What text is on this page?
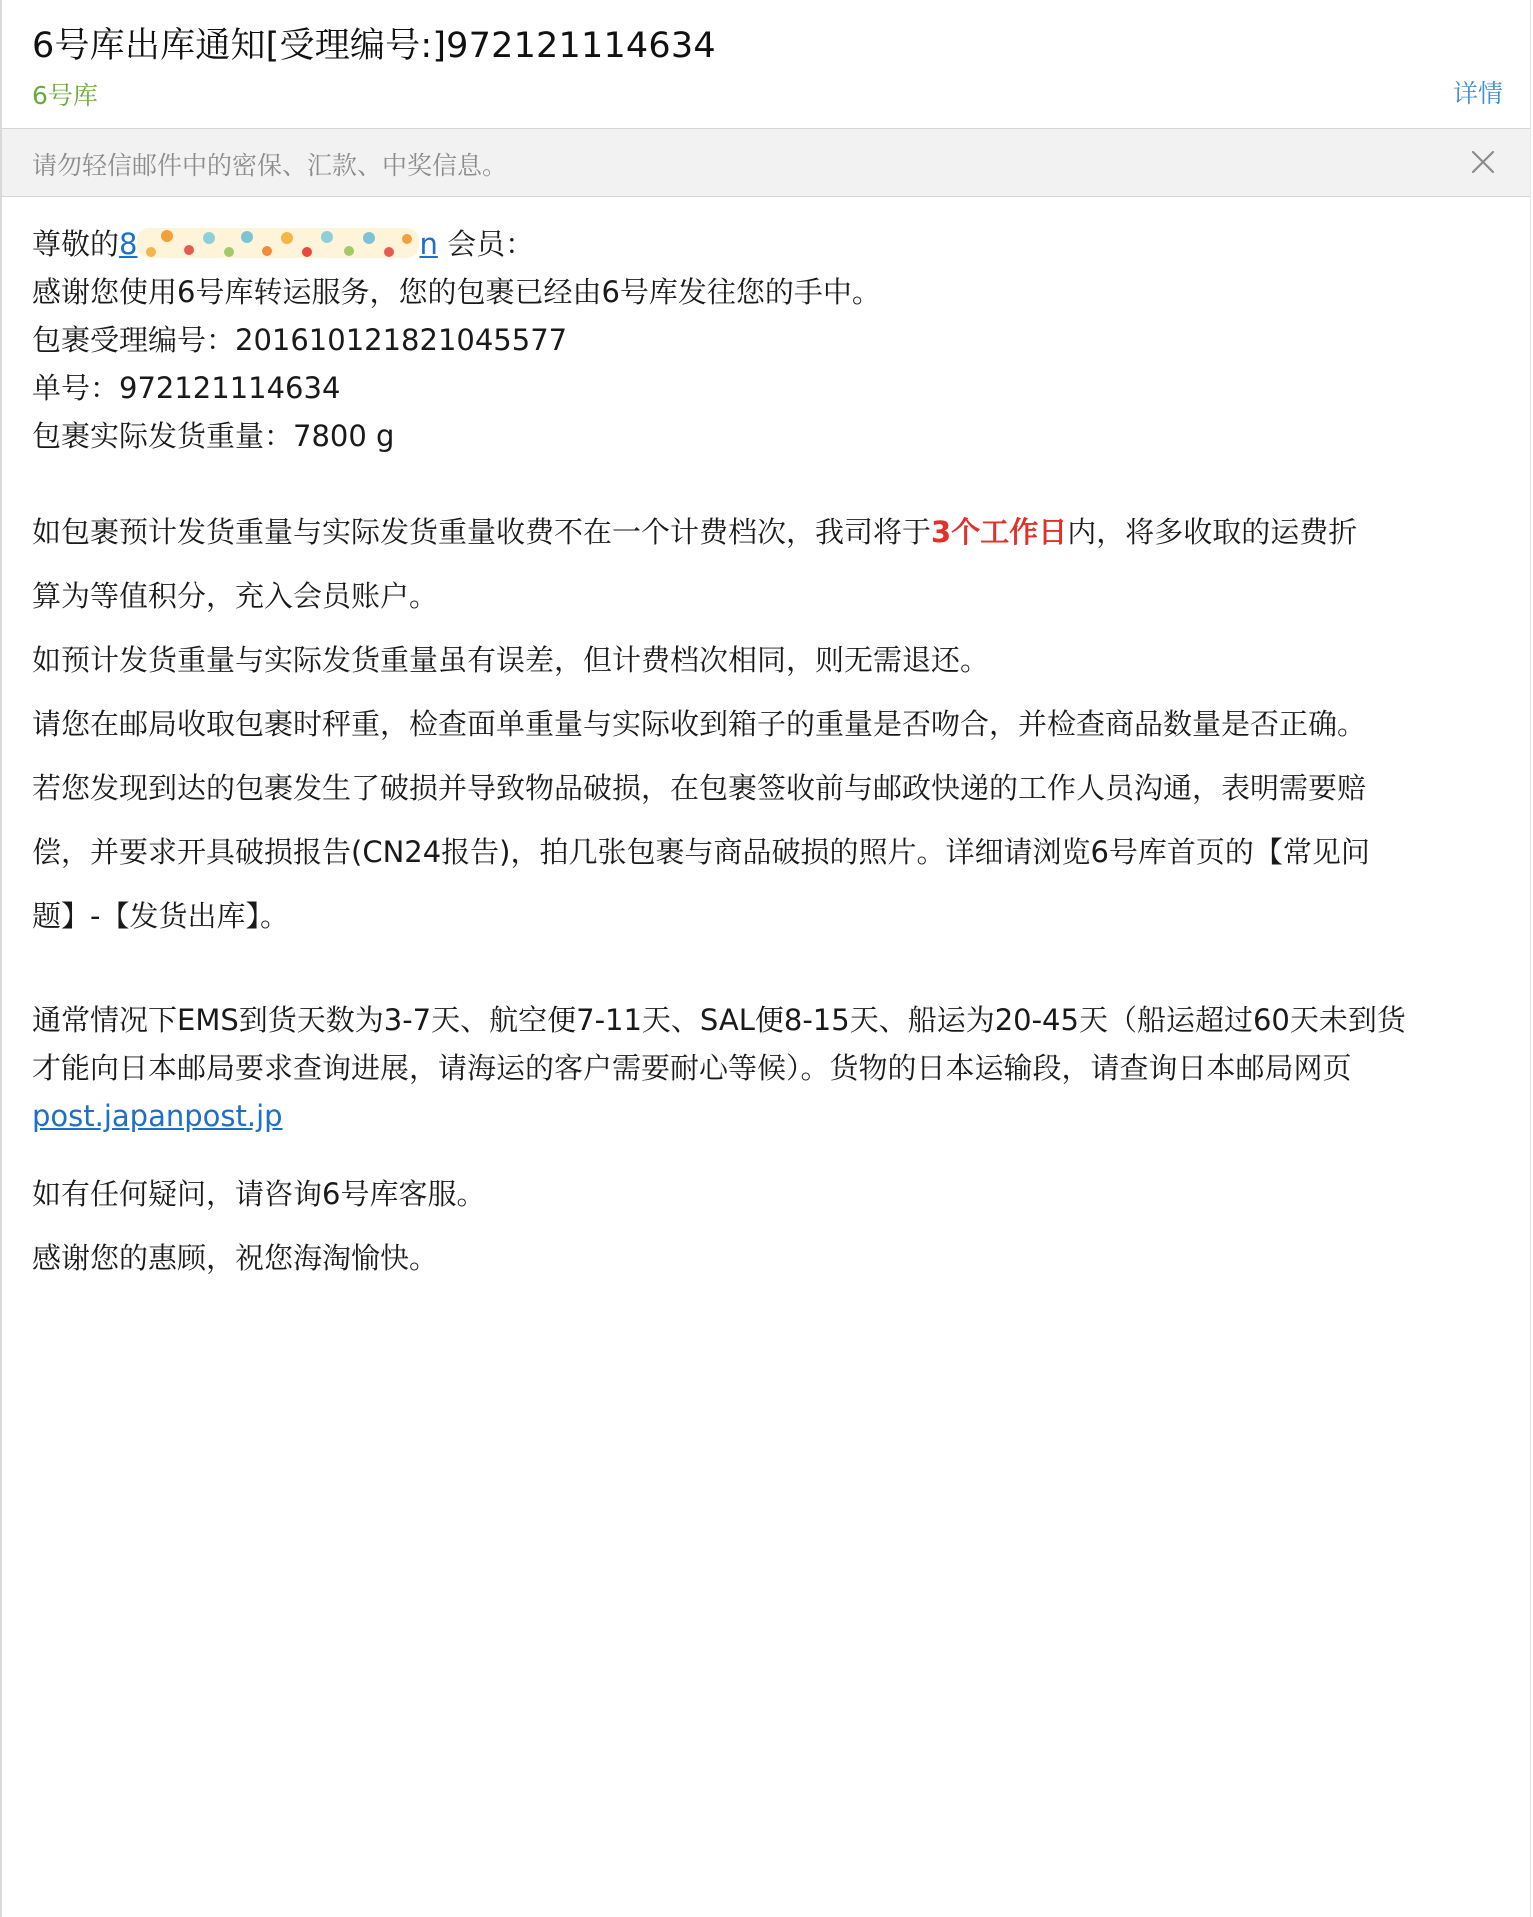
6号库出库通知[受理编号:]972121114634
6号库	详情
请勿轻信邮件中的密保、汇款、中奖信息。
尊敬的8	n 会员：
感谢您使用6号库转运服务，您的包裹已经由6号库发往您的手中。
包裹受理编号：201610121821045577
单号：972121114634
包裹实际发货重量：7800 g
如包裹预计发货重量与实际发货重量收费不在一个计费档次，我司将于3个工作日内，将多收取的运费折
算为等值积分，充入会员账户。
如预计发货重量与实际发货重量虽有误差，但计费档次相同，则无需退还。
请您在邮局收取包裹时秤重，检查面单重量与实际收到箱子的重量是否吻合，并检查商品数量是否正确。
若您发现到达的包裹发生了破损并导致物品破损，在包裹签收前与邮政快递的工作人员沟通，表明需要赔
偿，并要求开具破损报告(CN24报告)，拍几张包裹与商品破损的照片。详细请浏览6号库首页的【常见问
题】-【发货出库】。
通常情况下EMS到货天数为3-7天、航空便7-11天、SAL便8-15天、船运为20-45天（船运超过60天未到货
才能向日本邮局要求查询进展，请海运的客户需要耐心等候）。货物的日本运输段，请查询日本邮局网页
post.japanpost.jp
如有任何疑问，请咨询6号库客服。
感谢您的惠顾，祝您海淘愉快。
